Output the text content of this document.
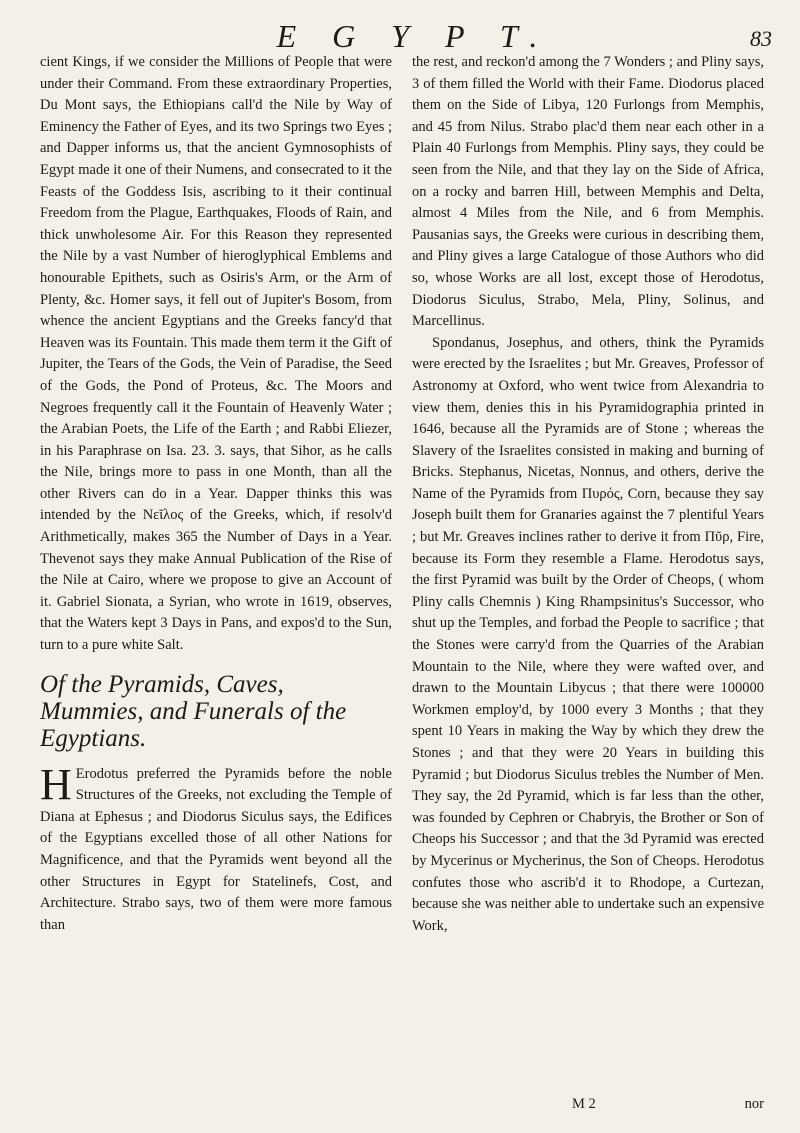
E G Y P T.	83

cient Kings, if we consider the Millions of People that were under their Command. From these extraordinary Properties, Du Mont says, the Ethiopians call'd the Nile by Way of Eminency the Father of Eyes, and its two Springs two Eyes ; and Dapper informs us, that the ancient Gymnosophists of Egypt made it one of their Numens, and consecrated to it the Feasts of the Goddess Isis, ascribing to it their continual Freedom from the Plague, Earthquakes, Floods of Rain, and thick unwholesome Air. For this Reason they represented the Nile by a vast Number of hieroglyphical Emblems and honourable Epithets, such as Osiris's Arm, or the Arm of Plenty, &c. Homer says, it fell out of Jupiter's Bosom, from whence the ancient Egyptians and the Greeks fancy'd that Heaven was its Fountain. This made them term it the Gift of Jupiter, the Tears of the Gods, the Vein of Paradise, the Seed of the Gods, the Pond of Proteus, &c. The Moors and Negroes frequently call it the Fountain of Heavenly Water ; the Arabian Poets, the Life of the Earth ; and Rabbi Eliezer, in his Paraphrase on Isa. 23. 3. says, that Sihor, as he calls the Nile, brings more to pass in one Month, than all the other Rivers can do in a Year. Dapper thinks this was intended by the Νεῖλος of the Greeks, which, if resolv'd Arithmetically, makes 365 the Number of Days in a Year. Thevenot says they make Annual Publication of the Rise of the Nile at Cairo, where we propose to give an Account of it. Gabriel Sionata, a Syrian, who wrote in 1619, observes, that the Waters kept 3 Days in Pans, and expos'd to the Sun, turn to a pure white Salt.

Of the Pyramids, Caves, Mummies, and Funerals of the Egyptians.

H Erodotus preferred the Pyramids before the noble Structures of the Greeks, not excluding the Temple of Diana at Ephesus ; and Diodorus Siculus says, the Edifices of the Egyptians excelled those of all other Nations for Magnificence, and that the Pyramids went beyond all the other Structures in Egypt for Statelinefs, Cost, and Architecture. Strabo says, two of them were more famous than

the rest, and reckon'd among the 7 Wonders ; and Pliny says, 3 of them filled the World with their Fame. Diodorus placed them on the Side of Libya, 120 Furlongs from Memphis, and 45 from Nilus. Strabo plac'd them near each other in a Plain 40 Furlongs from Memphis. Pliny says, they could be seen from the Nile, and that they lay on the Side of Africa, on a rocky and barren Hill, between Memphis and Delta, almost 4 Miles from the Nile, and 6 from Memphis. Pausanias says, the Greeks were curious in describing them, and Pliny gives a large Catalogue of those Authors who did so, whose Works are all lost, except those of Herodotus, Diodorus Siculus, Strabo, Mela, Pliny, Solinus, and Marcellinus.

Spondanus, Josephus, and others, think the Pyramids were erected by the Israelites ; but Mr. Greaves, Professor of Astronomy at Oxford, who went twice from Alexandria to view them, denies this in his Pyramidographia printed in 1646, because all the Pyramids are of Stone ; whereas the Slavery of the Israelites consisted in making and burning of Bricks. Stephanus, Nicetas, Nonnus, and others, derive the Name of the Pyramids from Πυρός, Corn, because they say Joseph built them for Granaries against the 7 plentiful Years ; but Mr. Greaves inclines rather to derive it from Πῦρ, Fire, because its Form they resemble a Flame. Herodotus says, the first Pyramid was built by the Order of Cheops, ( whom Pliny calls Chemnis ) King Rhampsinitus's Successor, who shut up the Temples, and forbad the People to sacrifice ; that the Stones were carry'd from the Quarries of the Arabian Mountain to the Nile, where they were wafted over, and drawn to the Mountain Libycus ; that there were 100000 Workmen employ'd, by 1000 every 3 Months ; that they spent 10 Years in making the Way by which they drew the Stones ; and that they were 20 Years in building this Pyramid ; but Diodorus Siculus trebles the Number of Men. They say, the 2d Pyramid, which is far less than the other, was founded by Cephren or Chabryis, the Brother or Son of Cheops his Successor ; and that the 3d Pyramid was erected by Mycerinus or Mycherinus, the Son of Cheops. Herodotus confutes those who ascrib'd it to Rhodope, a Curtezan, because she was neither able to undertake such an expensive Work,

M 2	nor
